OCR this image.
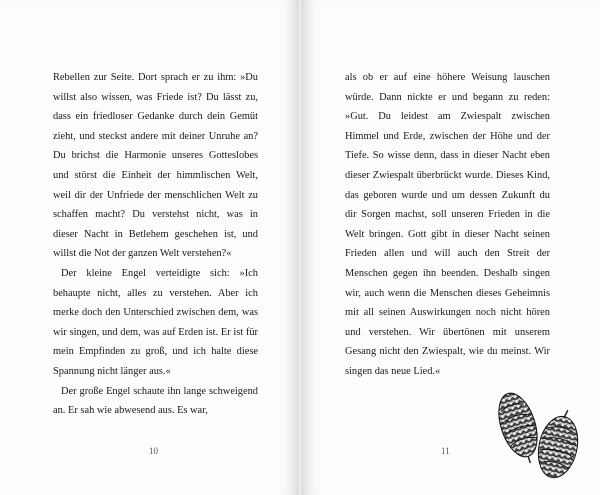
Rebellen zur Seite. Dort sprach er zu ihm: »Du willst also wissen, was Friede ist? Du lässt zu, dass ein friedloser Gedanke durch dein Gemüt zieht, und steckst andere mit deiner Unruhe an? Du brichst die Harmonie unseres Gotteslobes und störst die Einheit der himmlischen Welt, weil dir der Unfriede der menschlichen Welt zu schaffen macht? Du verstehst nicht, was in dieser Nacht in Betlehem geschehen ist, und willst die Not der ganzen Welt verstehen?«

Der kleine Engel verteidigte sich: »Ich behaupte nicht, alles zu verstehen. Aber ich merke doch den Unterschied zwischen dem, was wir singen, und dem, was auf Erden ist. Er ist für mein Empfinden zu groß, und ich halte diese Spannung nicht länger aus.«

Der große Engel schaute ihn lange schweigend an. Er sah wie abwesend aus. Es war,

10

als ob er auf eine höhere Weisung lauschen würde. Dann nickte er und begann zu reden: »Gut. Du leidest am Zwiespalt zwischen Himmel und Erde, zwischen der Höhe und der Tiefe. So wisse denn, dass in dieser Nacht eben dieser Zwiespalt überbrückt wurde. Dieses Kind, das geboren wurde und um dessen Zukunft du dir Sorgen machst, soll unseren Frieden in die Welt bringen. Gott gibt in dieser Nacht seinen Frieden allen und will auch den Streit der Menschen gegen ihn beenden. Deshalb singen wir, auch wenn die Menschen dieses Geheimnis mit all seinen Auswirkungen noch nicht hören und verstehen. Wir übertönen mit unserem Gesang nicht den Zwiespalt, wie du meinst. Wir singen das neue Lied.«

11
